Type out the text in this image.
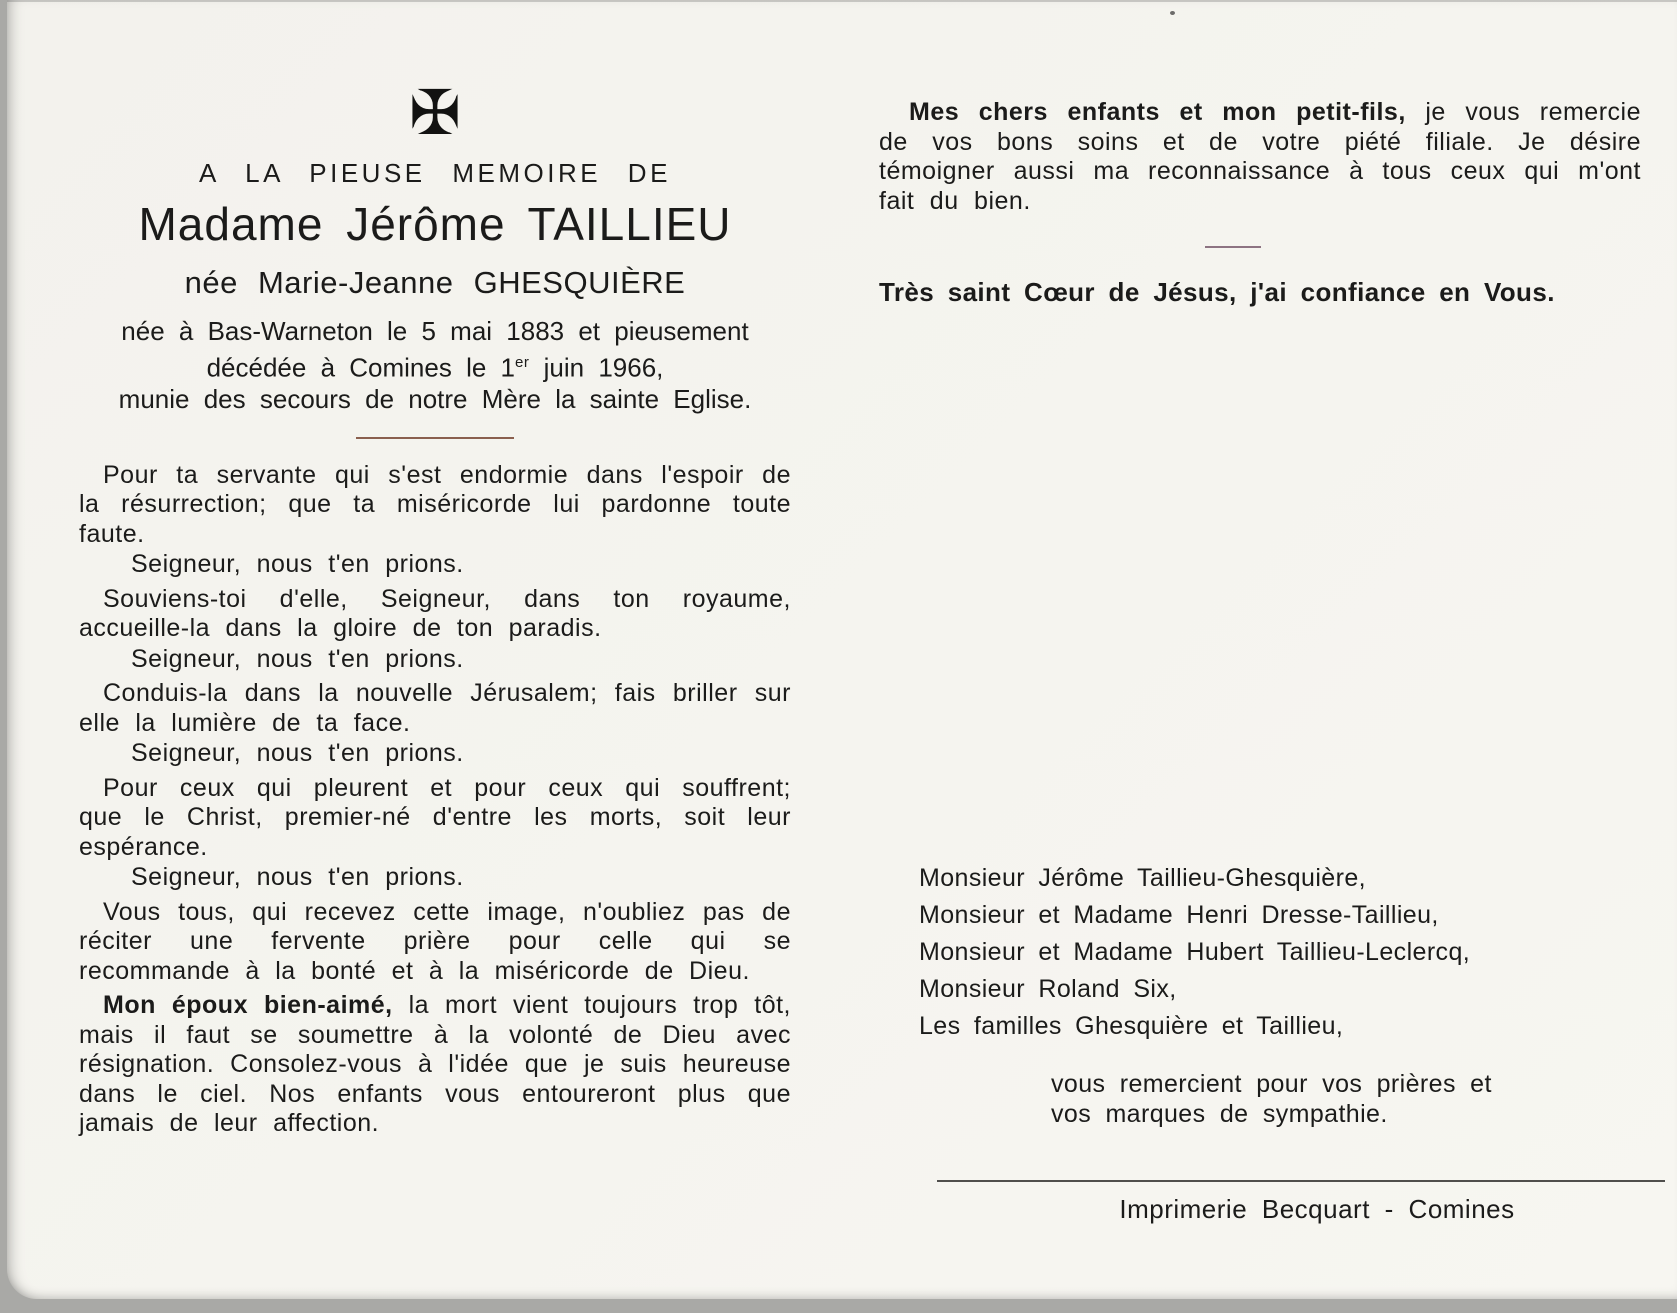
✠
A LA PIEUSE MEMOIRE DE
Madame Jérôme TAILLIEU
née Marie-Jeanne GHESQUIÈRE
née à Bas-Warneton le 5 mai 1883 et pieusement
décédée à Comines le 1er juin 1966,
munie des secours de notre Mère la sainte Eglise.

Pour ta servante qui s'est endormie dans l'espoir de la résurrection; que ta miséricorde lui pardonne toute faute.

Seigneur, nous t'en prions.

Souviens-toi d'elle, Seigneur, dans ton royaume, accueille-la dans la gloire de ton paradis.

Seigneur, nous t'en prions.

Conduis-la dans la nouvelle Jérusalem; fais briller sur elle la lumière de ta face.

Seigneur, nous t'en prions.

Pour ceux qui pleurent et pour ceux qui souffrent; que le Christ, premier-né d'entre les morts, soit leur espérance.

Seigneur, nous t'en prions.

Vous tous, qui recevez cette image, n'oubliez pas de réciter une fervente prière pour celle qui se recommande à la bonté et à la miséricorde de Dieu.

Mon époux bien-aimé, la mort vient toujours trop tôt, mais il faut se soumettre à la volonté de Dieu avec résignation. Consolez-vous à l'idée que je suis heureuse dans le ciel. Nos enfants vous entoureront plus que jamais de leur affection.

Mes chers enfants et mon petit-fils, je vous remercie de vos bons soins et de votre piété filiale. Je désire témoigner aussi ma reconnaissance à tous ceux qui m'ont fait du bien.

Très saint Cœur de Jésus, j'ai confiance en Vous.
Monsieur Jérôme Taillieu-Ghesquière,
Monsieur et Madame Henri Dresse-Taillieu,
Monsieur et Madame Hubert Taillieu-Leclercq,
Monsieur Roland Six,
Les familles Ghesquière et Taillieu,
vous remercient pour vos prières et
vos marques de sympathie.
Imprimerie Becquart - Comines
